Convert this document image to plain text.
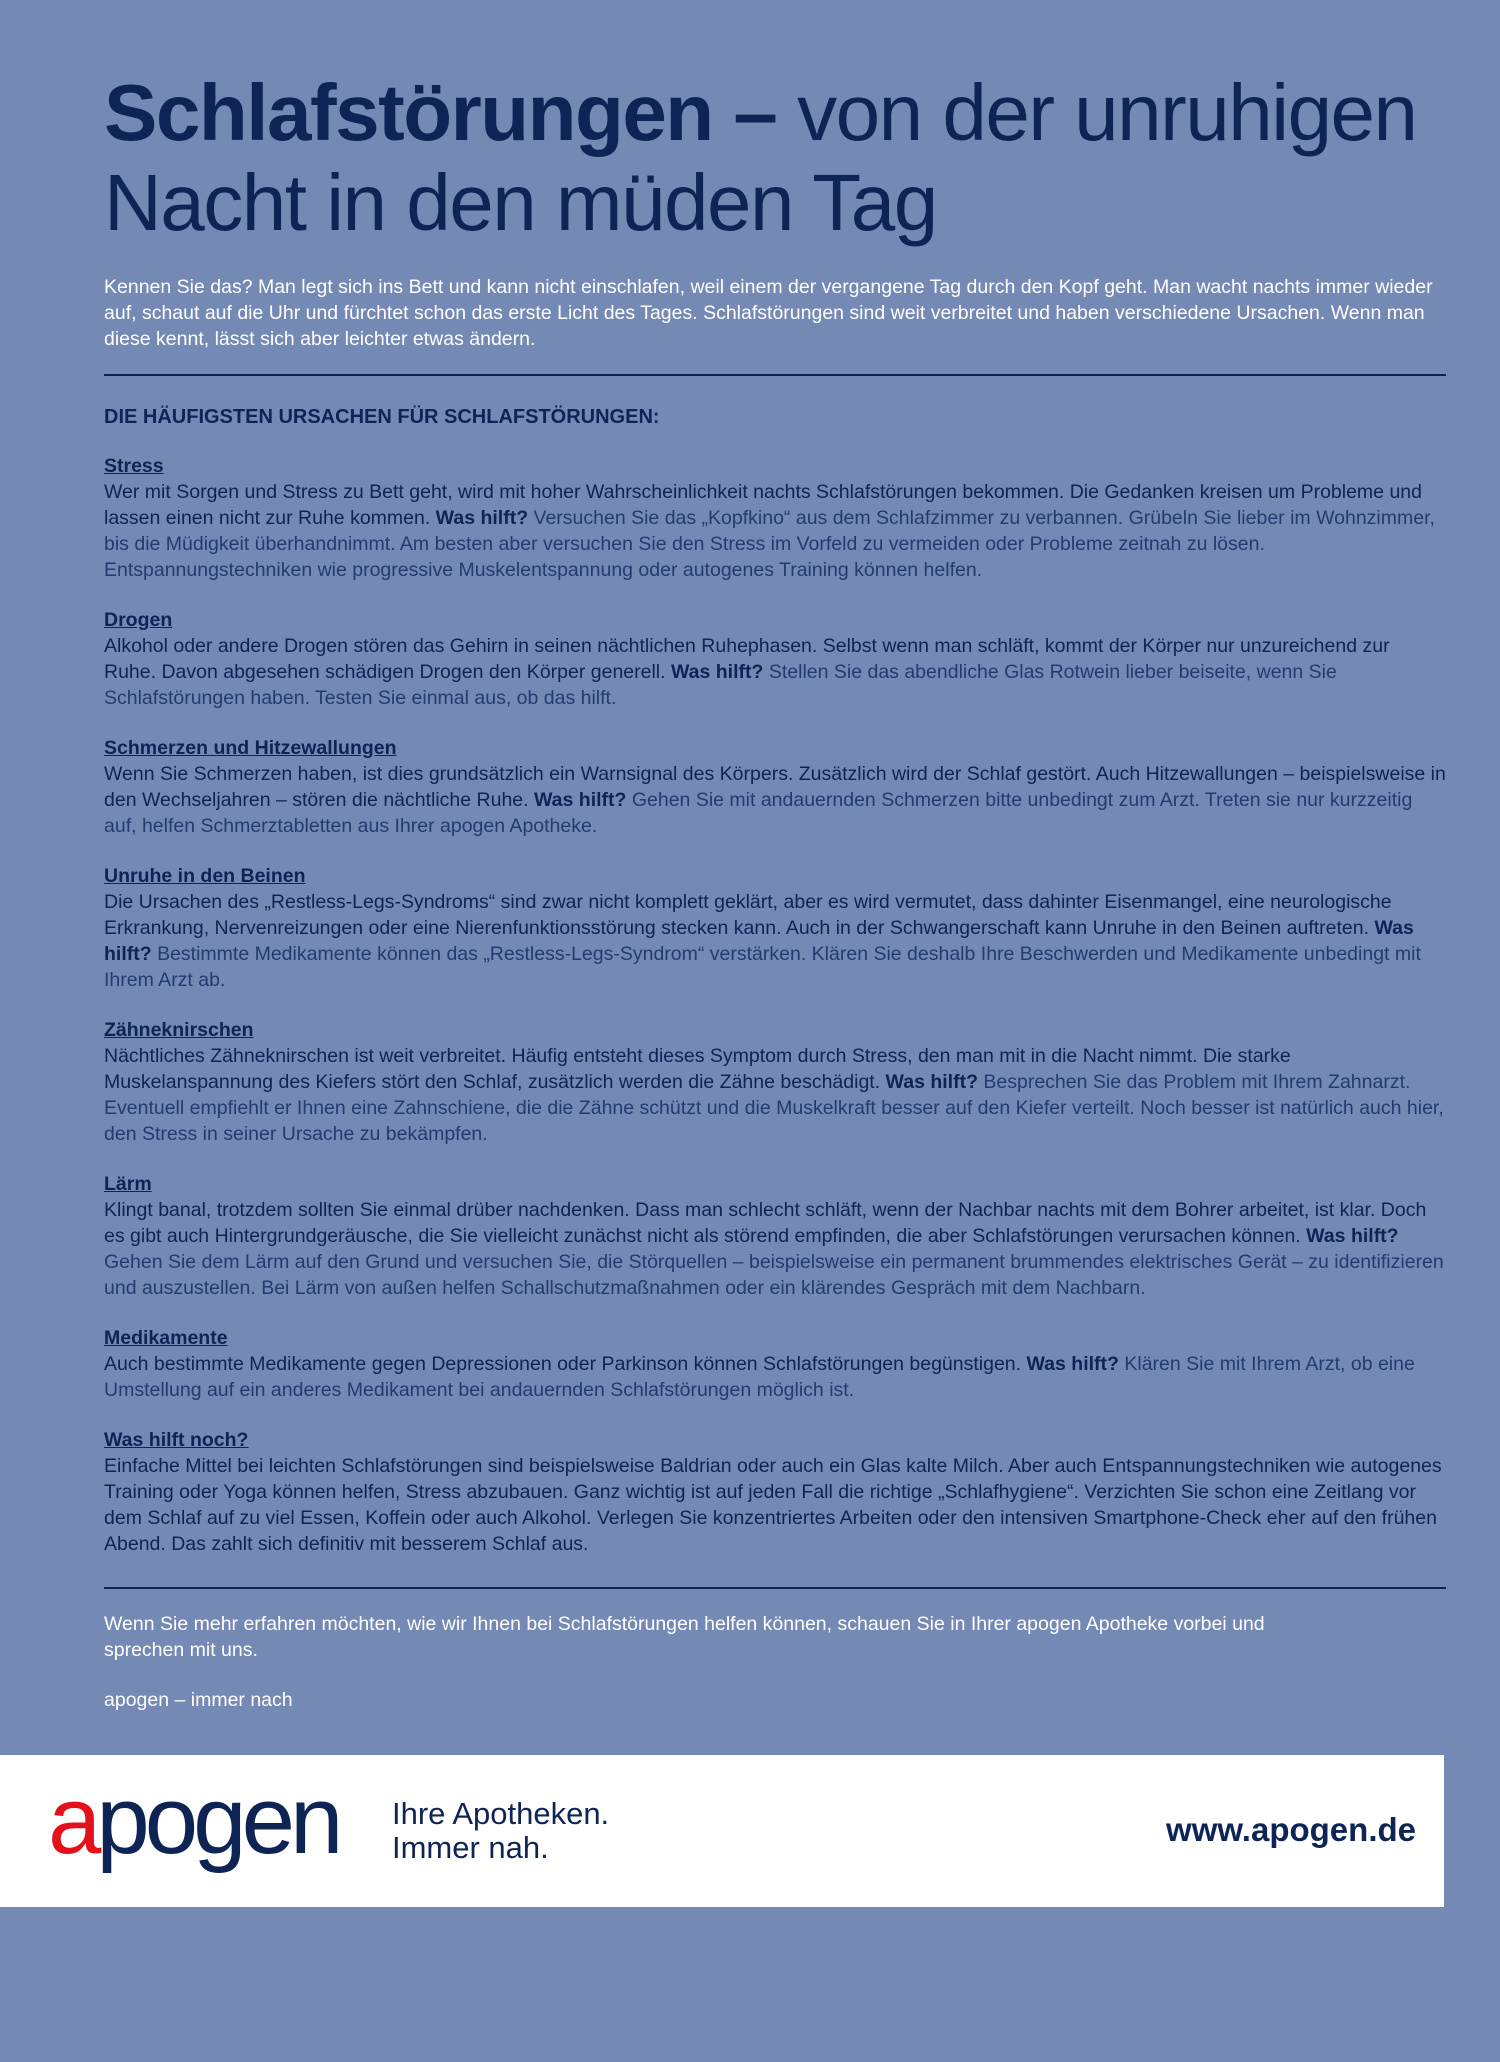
Schlafstörungen – von der unruhigen Nacht in den müden Tag

Kennen Sie das? Man legt sich ins Bett und kann nicht einschlafen, weil einem der vergangene Tag durch den Kopf geht. Man wacht nachts immer wieder auf, schaut auf die Uhr und fürchtet schon das erste Licht des Tages. Schlafstörungen sind weit verbreitet und haben verschiedene Ursachen. Wenn man diese kennt, lässt sich aber leichter etwas ändern.

DIE HÄUFIGSTEN URSACHEN FÜR SCHLAFSTÖRUNGEN:
Stress

Wer mit Sorgen und Stress zu Bett geht, wird mit hoher Wahrscheinlichkeit nachts Schlafstörungen bekommen. Die Gedanken kreisen um Probleme und lassen einen nicht zur Ruhe kommen. Was hilft? Versuchen Sie das „Kopfkino“ aus dem Schlafzimmer zu verbannen. Grübeln Sie lieber im Wohnzimmer, bis die Müdigkeit überhandnimmt. Am besten aber versuchen Sie den Stress im Vorfeld zu vermeiden oder Probleme zeitnah zu lösen. Entspannungstechniken wie progressive Muskelentspannung oder autogenes Training können helfen.

Drogen

Alkohol oder andere Drogen stören das Gehirn in seinen nächtlichen Ruhephasen. Selbst wenn man schläft, kommt der Körper nur unzureichend zur Ruhe. Davon abgesehen schädigen Drogen den Körper generell. Was hilft? Stellen Sie das abendliche Glas Rotwein lieber beiseite, wenn Sie Schlafstörungen haben. Testen Sie einmal aus, ob das hilft.

Schmerzen und Hitzewallungen

Wenn Sie Schmerzen haben, ist dies grundsätzlich ein Warnsignal des Körpers. Zusätzlich wird der Schlaf gestört. Auch Hitzewallungen – beispielsweise in den Wechseljahren – stören die nächtliche Ruhe. Was hilft? Gehen Sie mit andauernden Schmerzen bitte unbedingt zum Arzt. Treten sie nur kurzzeitig auf, helfen Schmerztabletten aus Ihrer apogen Apotheke.

Unruhe in den Beinen

Die Ursachen des „Restless-Legs-Syndroms“ sind zwar nicht komplett geklärt, aber es wird vermutet, dass dahinter Eisenmangel, eine neurologische Erkrankung, Nervenreizungen oder eine Nierenfunktionsstörung stecken kann. Auch in der Schwangerschaft kann Unruhe in den Beinen auftreten. Was hilft? Bestimmte Medikamente können das „Restless-Legs-Syndrom“ verstärken. Klären Sie deshalb Ihre Beschwerden und Medikamente unbedingt mit Ihrem Arzt ab.

Zähneknirschen

Nächtliches Zähneknirschen ist weit verbreitet. Häufig entsteht dieses Symptom durch Stress, den man mit in die Nacht nimmt. Die starke Muskelanspannung des Kiefers stört den Schlaf, zusätzlich werden die Zähne beschädigt. Was hilft? Besprechen Sie das Problem mit Ihrem Zahnarzt. Eventuell empfiehlt er Ihnen eine Zahnschiene, die die Zähne schützt und die Muskelkraft besser auf den Kiefer verteilt. Noch besser ist natürlich auch hier, den Stress in seiner Ursache zu bekämpfen.

Lärm

Klingt banal, trotzdem sollten Sie einmal drüber nachdenken. Dass man schlecht schläft, wenn der Nachbar nachts mit dem Bohrer arbeitet, ist klar. Doch es gibt auch Hintergrundgeräusche, die Sie vielleicht zunächst nicht als störend empfinden, die aber Schlafstörungen verursachen können. Was hilft? Gehen Sie dem Lärm auf den Grund und versuchen Sie, die Störquellen – beispielsweise ein permanent brummendes elektrisches Gerät – zu identifizieren und auszustellen. Bei Lärm von außen helfen Schallschutzmaßnahmen oder ein klärendes Gespräch mit dem Nachbarn.

Medikamente

Auch bestimmte Medikamente gegen Depressionen oder Parkinson können Schlafstörungen begünstigen. Was hilft? Klären Sie mit Ihrem Arzt, ob eine Umstellung auf ein anderes Medikament bei andauernden Schlafstörungen möglich ist.

Was hilft noch?

Einfache Mittel bei leichten Schlafstörungen sind beispielsweise Baldrian oder auch ein Glas kalte Milch. Aber auch Entspannungstechniken wie autogenes Training oder Yoga können helfen, Stress abzubauen. Ganz wichtig ist auf jeden Fall die richtige „Schlafhygiene“. Verzichten Sie schon eine Zeitlang vor dem Schlaf auf zu viel Essen, Koffein oder auch Alkohol. Verlegen Sie konzentriertes Arbeiten oder den intensiven Smartphone-Check eher auf den frühen Abend. Das zahlt sich definitiv mit besserem Schlaf aus.

Wenn Sie mehr erfahren möchten, wie wir Ihnen bei Schlafstörungen helfen können, schauen Sie in Ihrer apogen Apotheke vorbei und sprechen mit uns.

apogen – immer nach

apogen Ihre Apotheken.
Immer nah.	www.apogen.de
